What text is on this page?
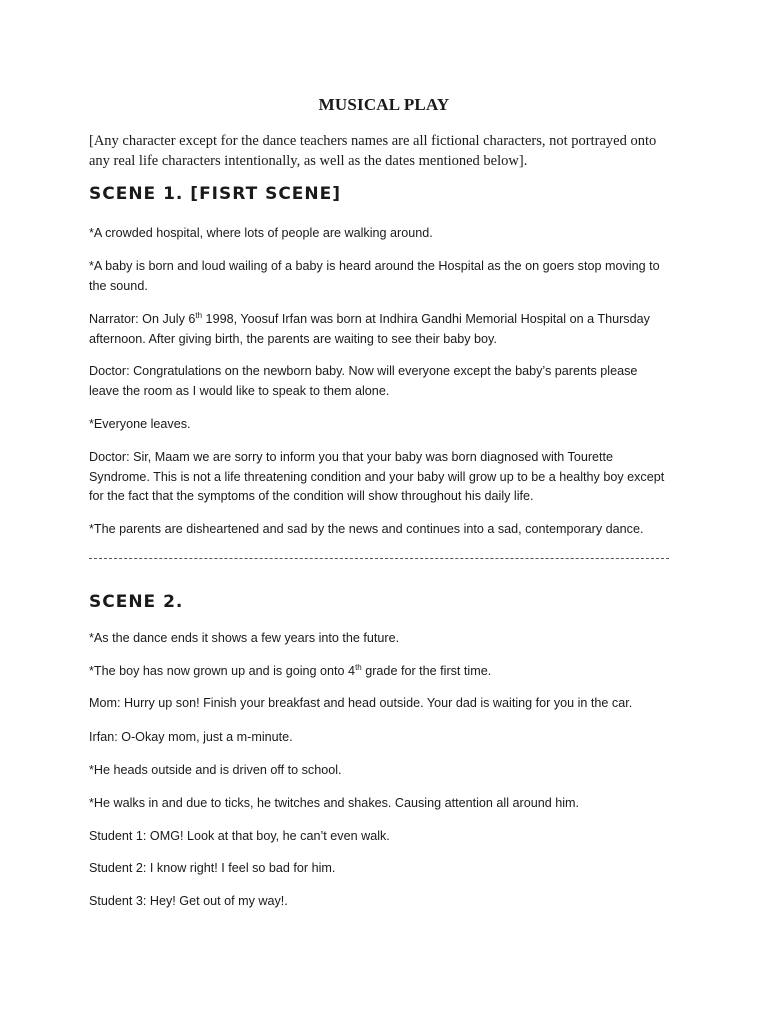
MUSICAL PLAY
[Any character except for the dance teachers names are all fictional characters, not portrayed onto any real life characters intentionally, as well as the dates mentioned below].
SCENE 1. [FISRT SCENE]
*A crowded hospital, where lots of people are walking around.
*A baby is born and loud wailing of a baby is heard around the Hospital as the on goers stop moving to the sound.
Narrator: On July 6th 1998, Yoosuf Irfan was born at Indhira Gandhi Memorial Hospital on a Thursday afternoon. After giving birth, the parents are waiting to see their baby boy.
Doctor: Congratulations on the newborn baby. Now will everyone except the baby’s parents please leave the room as I would like to speak to them alone.
*Everyone leaves.
Doctor: Sir, Maam we are sorry to inform you that your baby was born diagnosed with Tourette Syndrome. This is not a life threatening condition and your baby will grow up to be a healthy boy except for the fact that the symptoms of the condition will show throughout his daily life.
*The parents are disheartened and sad by the news and continues into a sad, contemporary dance.
SCENE 2.
*As the dance ends it shows a few years into the future.
*The boy has now grown up and is going onto 4th grade for the first time.
Mom: Hurry up son! Finish your breakfast and head outside. Your dad is waiting for you in the car.
Irfan: O-Okay mom, just a m-minute.
*He heads outside and is driven off to school.
*He walks in and due to ticks, he twitches and shakes. Causing attention all around him.
Student 1: OMG! Look at that boy, he can’t even walk.
Student 2: I know right! I feel so bad for him.
Student 3: Hey! Get out of my way!.
